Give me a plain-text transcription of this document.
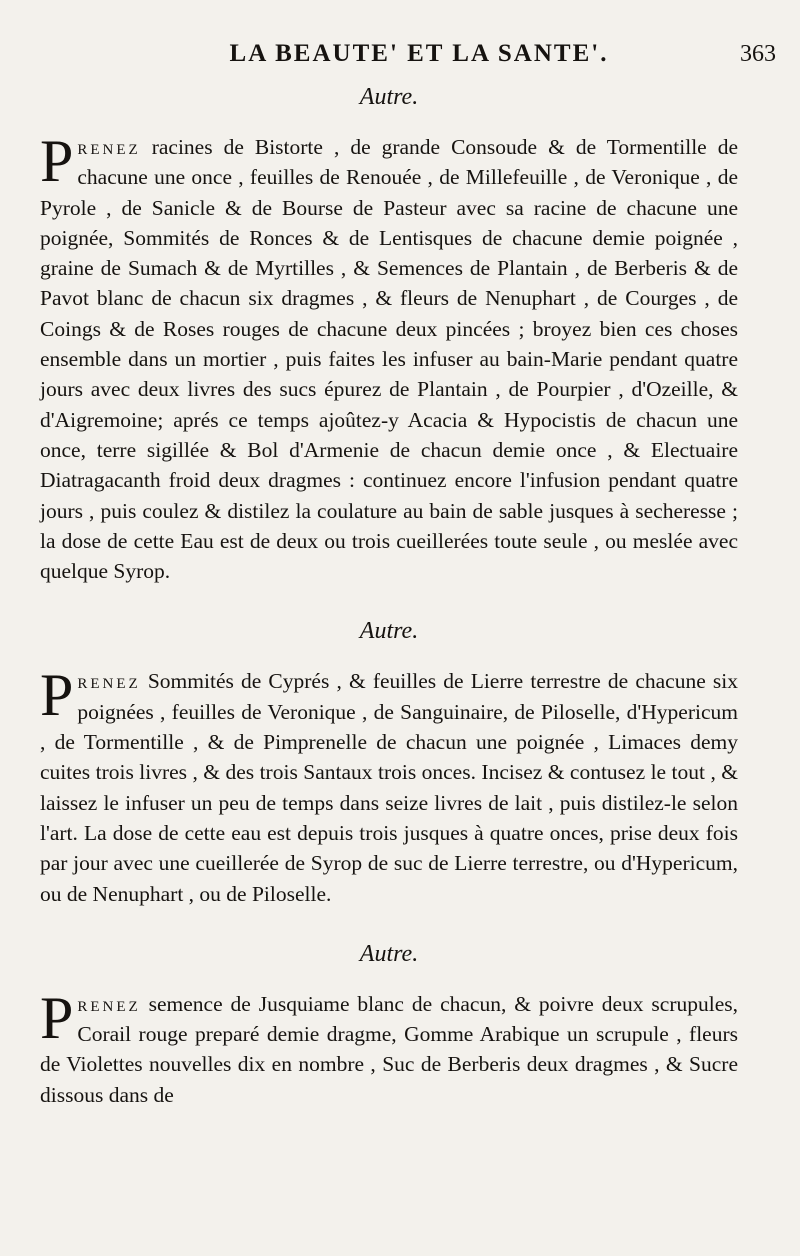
LA BEAUTE' ET LA SANTE'.	363
Autre.

Prenez racines de Bistorte , de grande Consoude & de Tormentille de chacune une once , feuilles de Renouée , de Millefeuille , de Veronique , de Pyrole , de Sanicle & de Bourse de Pasteur avec sa racine de chacune une poignée, Sommités de Ronces & de Lentisques de chacune demie poignée , graine de Sumach & de Myrtilles , & Semences de Plantain , de Berberis & de Pavot blanc de chacun six dragmes , & fleurs de Nenuphart , de Courges , de Coings & de Roses rouges de chacune deux pincées ; broyez bien ces choses ensemble dans un mortier , puis faites les infuser au bain-Marie pendant quatre jours avec deux livres des sucs épurez de Plantain , de Pourpier , d'Ozeille, & d'Aigremoine; aprés ce temps ajoûtez-y Acacia & Hypocistis de chacun une once, terre sigillée & Bol d'Armenie de chacun demie once , & Electuaire Diatragacanth froid deux dragmes : continuez encore l'infusion pendant quatre jours , puis coulez & distilez la coulature au bain de sable jusques à secheresse ; la dose de cette Eau est de deux ou trois cueillerées toute seule , ou meslée avec quelque Syrop.

Autre.

Prenez Sommités de Cyprés , & feuilles de Lierre terrestre de chacune six poignées , feuilles de Veronique , de Sanguinaire, de Piloselle, d'Hypericum , de Tormentille , & de Pimprenelle de chacun une poignée , Limaces demy cuites trois livres , & des trois Santaux trois onces. Incisez & contusez le tout , & laissez le infuser un peu de temps dans seize livres de lait , puis distilez-le selon l'art. La dose de cette eau est depuis trois jusques à quatre onces, prise deux fois par jour avec une cueillerée de Syrop de suc de Lierre terrestre, ou d'Hypericum, ou de Nenuphart , ou de Piloselle.

Autre.

Prenez semence de Jusquiame blanc de chacun, & poivre deux scrupules, Corail rouge preparé demie dragme, Gomme Arabique un scrupule , fleurs de Violettes nouvelles dix en nombre , Suc de Berberis deux dragmes , & Sucre dissous dans de
